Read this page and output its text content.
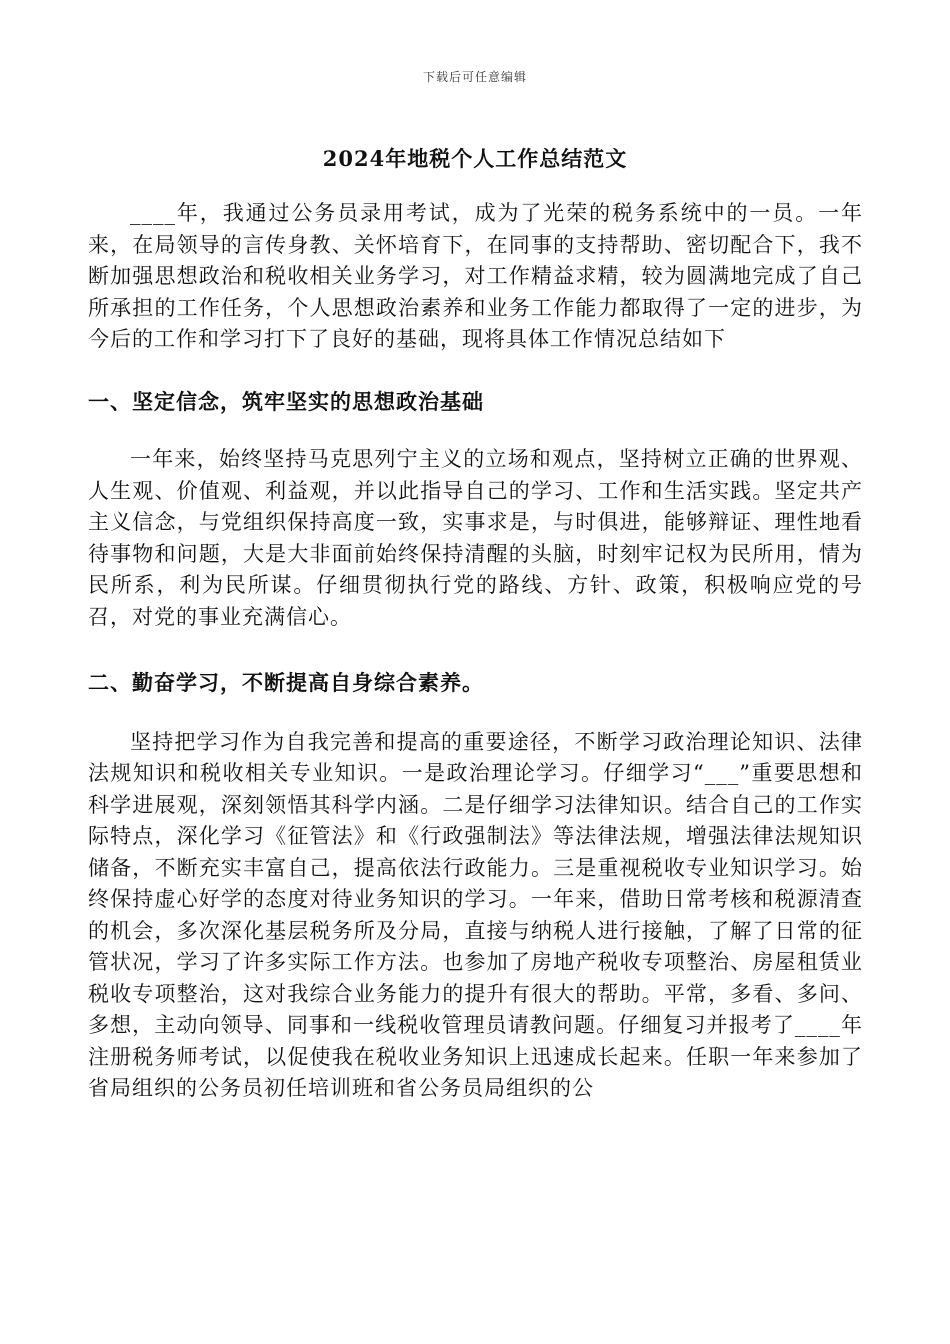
下载后可任意编辑
2024年地税个人工作总结范文

____年，我通过公务员录用考试，成为了光荣的税务系统中的一员。一年来，在局领导的言传身教、关怀培育下，在同事的支持帮助、密切配合下，我不断加强思想政治和税收相关业务学习，对工作精益求精，较为圆满地完成了自己所承担的工作任务，个人思想政治素养和业务工作能力都取得了一定的进步，为今后的工作和学习打下了良好的基础，现将具体工作情况总结如下

一、坚定信念，筑牢坚实的思想政治基础

一年来，始终坚持马克思列宁主义的立场和观点，坚持树立正确的世界观、人生观、价值观、利益观，并以此指导自己的学习、工作和生活实践。坚定共产主义信念，与党组织保持高度一致，实事求是，与时俱进，能够辩证、理性地看待事物和问题，大是大非面前始终保持清醒的头脑，时刻牢记权为民所用，情为民所系，利为民所谋。仔细贯彻执行党的路线、方针、政策，积极响应党的号召，对党的事业充满信心。

二、勤奋学习，不断提高自身综合素养。

坚持把学习作为自我完善和提高的重要途径，不断学习政治理论知识、法律法规知识和税收相关专业知识。一是政治理论学习。仔细学习“___”重要思想和科学进展观，深刻领悟其科学内涵。二是仔细学习法律知识。结合自己的工作实际特点，深化学习《征管法》和《行政强制法》等法律法规，增强法律法规知识储备，不断充实丰富自己，提高依法行政能力。三是重视税收专业知识学习。始终保持虚心好学的态度对待业务知识的学习。一年来，借助日常考核和税源清查的机会，多次深化基层税务所及分局，直接与纳税人进行接触，了解了日常的征管状况，学习了许多实际工作方法。也参加了房地产税收专项整治、房屋租赁业税收专项整治，这对我综合业务能力的提升有很大的帮助。平常，多看、多问、多想，主动向领导、同事和一线税收管理员请教问题。仔细复习并报考了____年注册税务师考试，以促使我在税收业务知识上迅速成长起来。任职一年来参加了省局组织的公务员初任培训班和省公务员局组织的公
